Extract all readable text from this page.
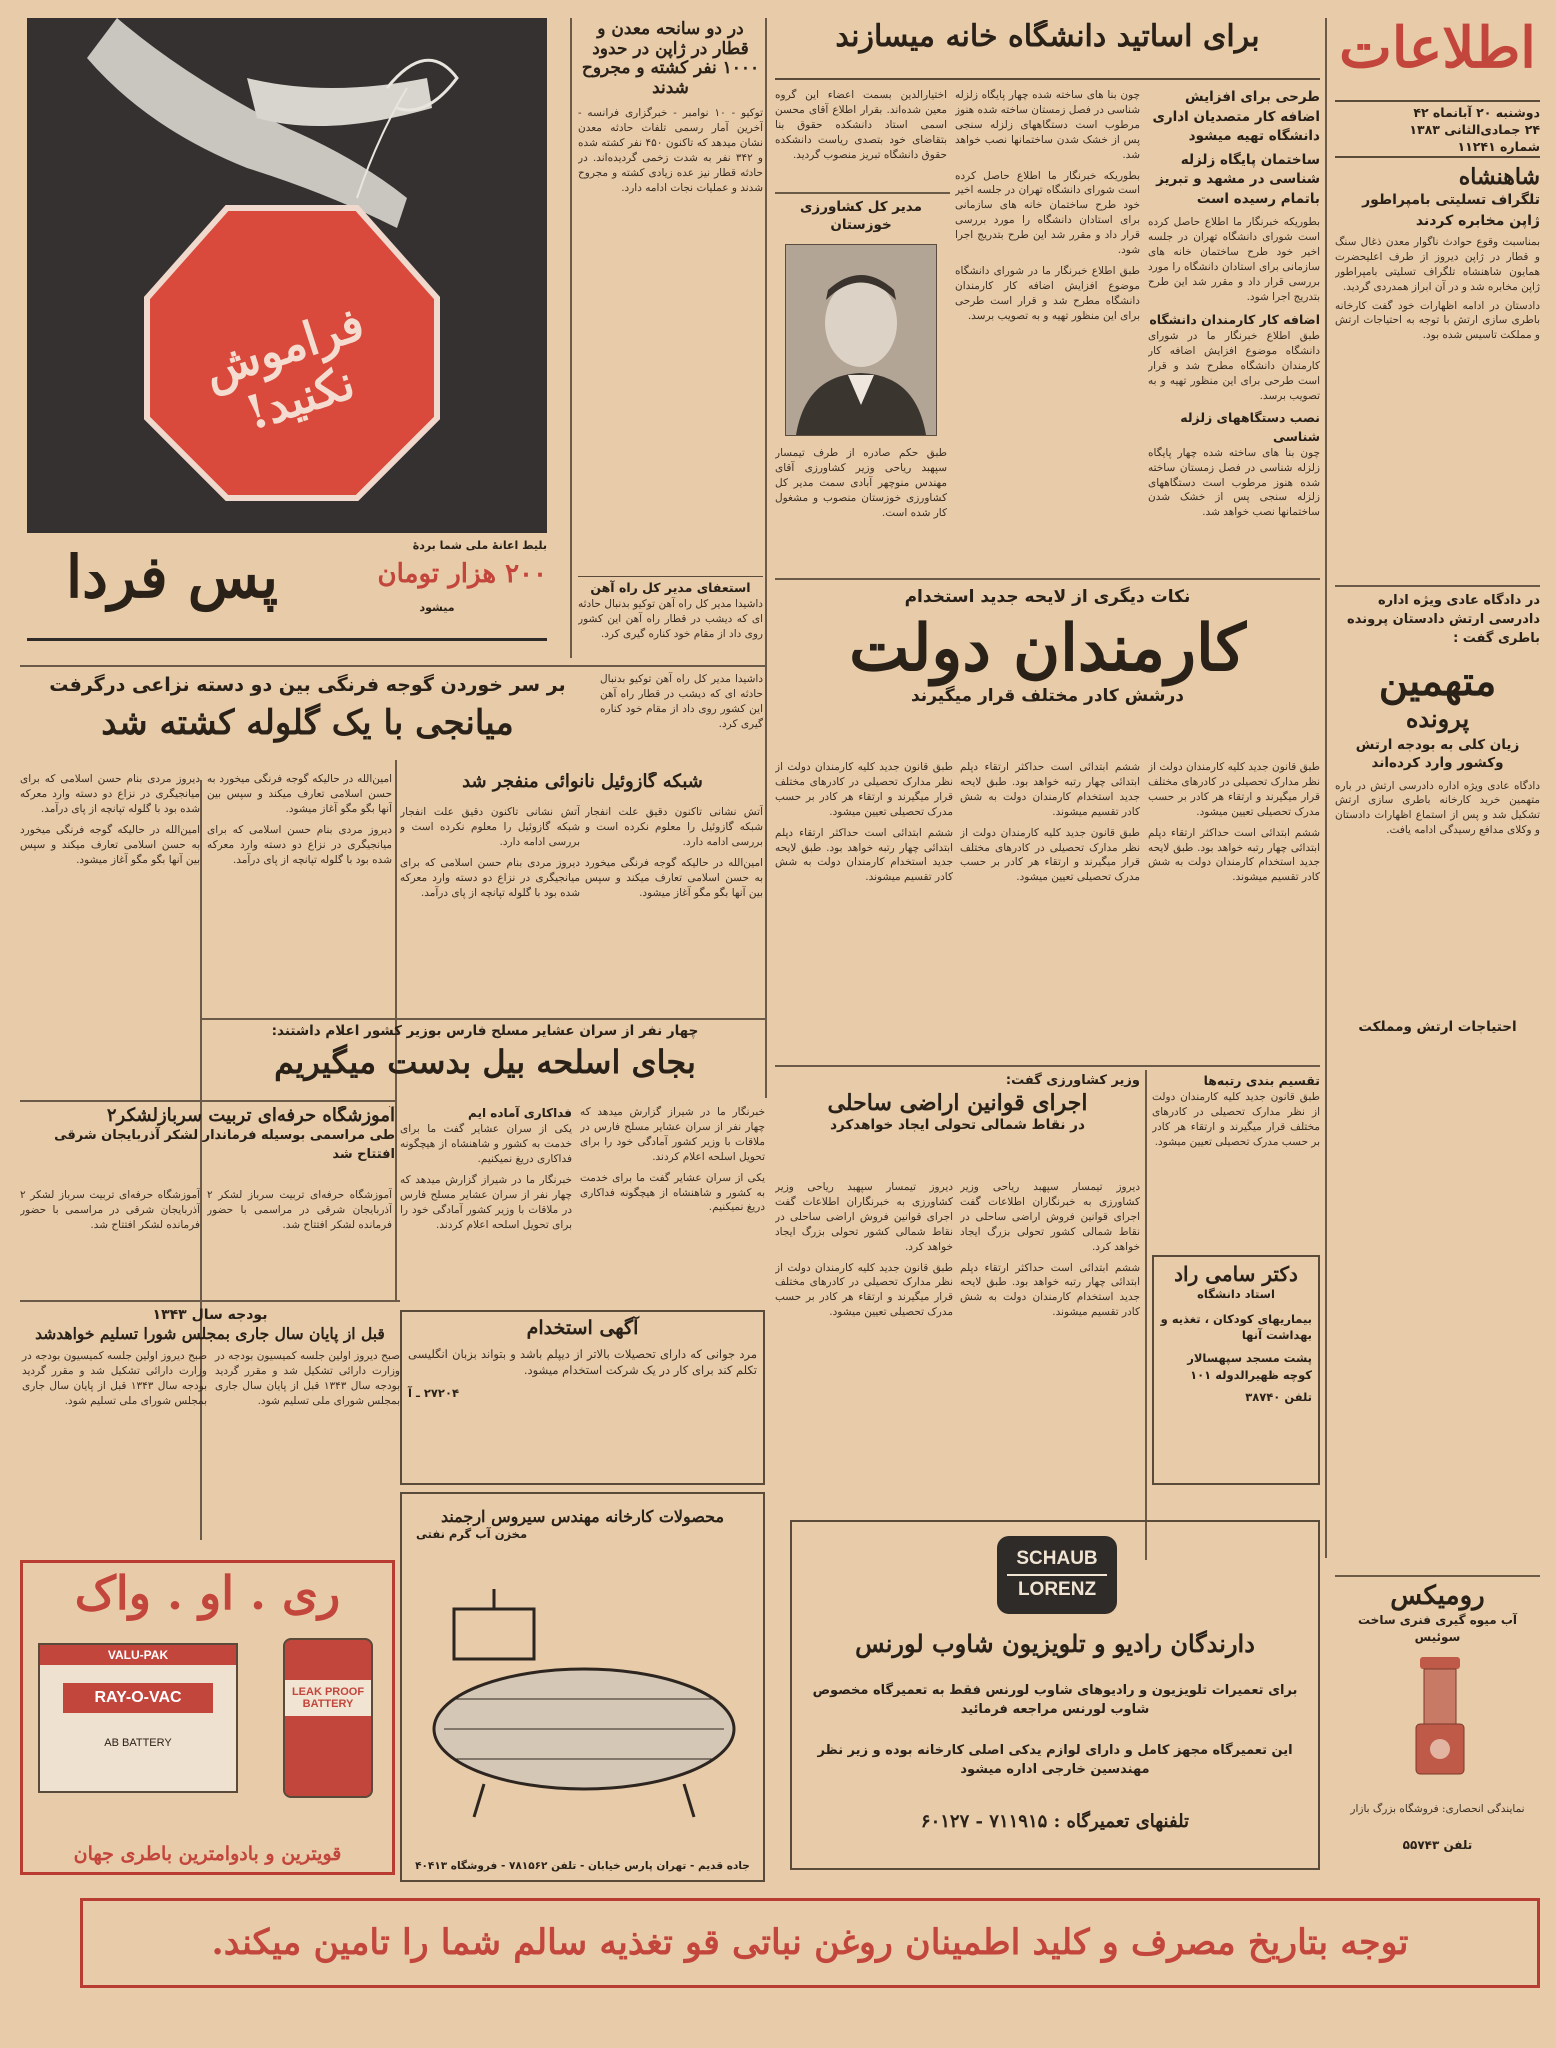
اطلاعات
دوشنبه ۲۰ آبانماه ۴۲
۲۴ جمادی‌الثانی ۱۳۸۳
شماره ۱۱۲۴۱
شاهنشاه
تلگراف تسلیتی بامپراطور ژاپن مخابره کردند
بمناسبت وقوع حوادث ناگوار معدن ذغال سنگ و قطار در ژاپن دیروز از طرف اعلیحضرت همایون شاهنشاه تلگراف تسلیتی بامپراطور ژاپن مخابره شد و در آن ابراز همدردی گردید.
دادستان در ادامه اظهارات خود گفت کارخانه باطری سازی ارتش با توجه به احتیاجات ارتش و مملکت تاسیس شده بود.
در دادگاه عادی ویژه اداره دادرسی ارتش دادستان پرونده باطری گفت :
متهمین
پرونده
زیان کلی به بودجه ارتش وکشور وارد کرده‌اند
دادگاه عادی ویژه اداره دادرسی ارتش در باره متهمین خرید کارخانه باطری سازی ارتش تشکیل شد و پس از استماع اظهارات دادستان و وکلای مدافع رسیدگی ادامه یافت.
احتیاجات ارتش ومملکت
رومیکس
آب میوه گیری فنری ساخت سوئیس
نمایندگی انحصاری: فروشگاه بزرگ بازار
تلفن ۵۵۷۴۳
برای اساتید دانشگاه خانه میسازند
طرحی برای افزایش اضافه کار متصدیان اداری دانشگاه تهیه میشود
ساختمان پایگاه زلزله شناسی در مشهد و تبریز باتمام رسیده است
بطوریکه خبرنگار ما اطلاع حاصل کرده است شورای دانشگاه تهران در جلسه اخیر خود طرح ساختمان خانه های سازمانی برای استادان دانشگاه را مورد بررسی قرار داد و مقرر شد این طرح بتدریج اجرا شود.
اضافه کار کارمندان دانشگاه
طبق اطلاع خبرنگار ما در شورای دانشگاه موضوع افزایش اضافه کار کارمندان دانشگاه مطرح شد و قرار است طرحی برای این منظور تهیه و به تصویب برسد.
نصب دستگاههای زلزله شناسی
چون بنا های ساخته شده چهار پایگاه زلزله شناسی در فصل زمستان ساخته شده هنوز مرطوب است دستگاههای زلزله سنجی پس از خشک شدن ساختمانها نصب خواهد شد.
چون بنا های ساخته شده چهار پایگاه زلزله شناسی در فصل زمستان ساخته شده هنوز مرطوب است دستگاههای زلزله سنجی پس از خشک شدن ساختمانها نصب خواهد شد.
بطوریکه خبرنگار ما اطلاع حاصل کرده است شورای دانشگاه تهران در جلسه اخیر خود طرح ساختمان خانه های سازمانی برای استادان دانشگاه را مورد بررسی قرار داد و مقرر شد این طرح بتدریج اجرا شود.
طبق اطلاع خبرنگار ما در شورای دانشگاه موضوع افزایش اضافه کار کارمندان دانشگاه مطرح شد و قرار است طرحی برای این منظور تهیه و به تصویب برسد.
اختیارالدین بسمت اعضاء این گروه معین شده‌اند. بقرار اطلاع آقای محسن اسمی استاد دانشکده حقوق بنا بتقاضای خود بتصدی ریاست دانشکده حقوق دانشگاه تبریز منصوب گردید.
مدیر کل کشاورزی خوزستان
طبق حکم صادره از طرف تیمسار سپهبد ریاحی وزیر کشاورزی آقای مهندس منوچهر آبادی سمت مدیر کل کشاورزی خوزستان منصوب و مشغول کار شده است.
در دو سانحه معدن و قطار در ژاپن در حدود ۱۰۰۰ نفر کشته و مجروح شدند
توکیو - ۱۰ نوامبر - خبرگزاری فرانسه - آخرین آمار رسمی تلفات حادثه معدن نشان میدهد که تاکنون ۴۵۰ نفر کشته شده و ۳۴۲ نفر به شدت زخمی گردیده‌اند. در حادثه قطار نیز عده زیادی کشته و مجروح شدند و عملیات نجات ادامه دارد.
استعفای مدیر کل راه آهن
داشیدا مدیر کل راه آهن توکیو بدنبال حادثه ای که دیشب در قطار راه آهن این کشور روی داد از مقام خود کناره گیری کرد.
فراموش نکنید!
بلیط اعانهٔ ملی شما بردهٔ
۲۰۰ هزار تومان
میشود
پس فردا	نکات دیگری از لایحه جدید استخدام
کارمندان دولت
درشش کادر مختلف قرار میگیرند
طبق قانون جدید کلیه کارمندان دولت از نظر مدارک تحصیلی در کادرهای مختلف قرار میگیرند و ارتقاء هر کادر بر حسب مدرک تحصیلی تعیین میشود.
ششم ابتدائی است حداکثر ارتقاء دپلم ابتدائی چهار رتبه خواهد بود. طبق لایحه جدید استخدام کارمندان دولت به شش کادر تقسیم میشوند.
ششم ابتدائی است حداکثر ارتقاء دپلم ابتدائی چهار رتبه خواهد بود. طبق لایحه جدید استخدام کارمندان دولت به شش کادر تقسیم میشوند.
طبق قانون جدید کلیه کارمندان دولت از نظر مدارک تحصیلی در کادرهای مختلف قرار میگیرند و ارتقاء هر کادر بر حسب مدرک تحصیلی تعیین میشود.
طبق قانون جدید کلیه کارمندان دولت از نظر مدارک تحصیلی در کادرهای مختلف قرار میگیرند و ارتقاء هر کادر بر حسب مدرک تحصیلی تعیین میشود.
ششم ابتدائی است حداکثر ارتقاء دپلم ابتدائی چهار رتبه خواهد بود. طبق لایحه جدید استخدام کارمندان دولت به شش کادر تقسیم میشوند.
تقسیم بندی رتبه‌ها
طبق قانون جدید کلیه کارمندان دولت از نظر مدارک تحصیلی در کادرهای مختلف قرار میگیرند و ارتقاء هر کادر بر حسب مدرک تحصیلی تعیین میشود.
دکتر سامی راد
استاد دانشگاه
بیماریهای کودکان ، تغذیه و بهداشت آنها
پشت مسجد سپهسالار کوچه ظهیرالدوله ۱۰۱
تلفن ۳۸۷۴۰
وزیر کشاورزی گفت:
اجرای قوانین اراضی ساحلی
در نقاط شمالی تحولی ایجاد خواهدکرد
دیروز تیمسار سپهبد ریاحی وزیر کشاورزی به خبرنگاران اطلاعات گفت اجرای قوانین فروش اراضی ساحلی در نقاط شمالی کشور تحولی بزرگ ایجاد خواهد کرد.
ششم ابتدائی است حداکثر ارتقاء دپلم ابتدائی چهار رتبه خواهد بود. طبق لایحه جدید استخدام کارمندان دولت به شش کادر تقسیم میشوند.
دیروز تیمسار سپهبد ریاحی وزیر کشاورزی به خبرنگاران اطلاعات گفت اجرای قوانین فروش اراضی ساحلی در نقاط شمالی کشور تحولی بزرگ ایجاد خواهد کرد.
طبق قانون جدید کلیه کارمندان دولت از نظر مدارک تحصیلی در کادرهای مختلف قرار میگیرند و ارتقاء هر کادر بر حسب مدرک تحصیلی تعیین میشود.
بر سر خوردن گوجه فرنگی بین دو دسته نزاعی درگرفت
میانجی با یک گلوله کشته شد
داشیدا مدیر کل راه آهن توکیو بدنبال حادثه ای که دیشب در قطار راه آهن این کشور روی داد از مقام خود کناره گیری کرد.
دیروز مردی بنام حسن اسلامی که برای میانجیگری در نزاع دو دسته وارد معرکه شده بود با گلوله تپانچه از پای درآمد.
امین‌الله در حالیکه گوجه فرنگی میخورد به حسن اسلامی تعارف میکند و سپس بین آنها بگو مگو آغاز میشود.
امین‌الله در حالیکه گوجه فرنگی میخورد به حسن اسلامی تعارف میکند و سپس بین آنها بگو مگو آغاز میشود.
دیروز مردی بنام حسن اسلامی که برای میانجیگری در نزاع دو دسته وارد معرکه شده بود با گلوله تپانچه از پای درآمد.
شبکه گازوئیل نانوائی منفجر شد
آتش نشانی تاکنون دقیق علت انفجار شبکه گازوئیل را معلوم نکرده است و بررسی ادامه دارد.
دیروز مردی بنام حسن اسلامی که برای میانجیگری در نزاع دو دسته وارد معرکه شده بود با گلوله تپانچه از پای درآمد.
آتش نشانی تاکنون دقیق علت انفجار شبکه گازوئیل را معلوم نکرده است و بررسی ادامه دارد.
امین‌الله در حالیکه گوجه فرنگی میخورد به حسن اسلامی تعارف میکند و سپس بین آنها بگو مگو آغاز میشود.
چهار نفر از سران عشایر مسلح فارس بوزیر کشور اعلام داشتند:
بجای اسلحه بیل بدست میگیریم
خبرنگار ما در شیراز گزارش میدهد که چهار نفر از سران عشایر مسلح فارس در ملاقات با وزیر کشور آمادگی خود را برای تحویل اسلحه اعلام کردند.
یکی از سران عشایر گفت ما برای خدمت به کشور و شاهنشاه از هیچگونه فداکاری دریغ نمیکنیم.
فداکاری آماده ایم
یکی از سران عشایر گفت ما برای خدمت به کشور و شاهنشاه از هیچگونه فداکاری دریغ نمیکنیم.
خبرنگار ما در شیراز گزارش میدهد که چهار نفر از سران عشایر مسلح فارس در ملاقات با وزیر کشور آمادگی خود را برای تحویل اسلحه اعلام کردند.
آموزشگاه حرفه‌ای تربیت سربازلشکر۲
طی مراسمی بوسیله فرماندار لشکر آذربایجان شرقی افتتاح شد
آموزشگاه حرفه‌ای تربیت سرباز لشکر ۲ آذربایجان شرقی در مراسمی با حضور فرمانده لشکر افتتاح شد.
آموزشگاه حرفه‌ای تربیت سرباز لشکر ۲ آذربایجان شرقی در مراسمی با حضور فرمانده لشکر افتتاح شد.
بودجه سال ۱۳۴۳
قبل از پایان سال جاری بمجلس شورا تسلیم خواهدشد
صبح دیروز اولین جلسه کمیسیون بودجه در وزارت دارائی تشکیل شد و مقرر گردید بودجه سال ۱۳۴۳ قبل از پایان سال جاری بمجلس شورای ملی تسلیم شود.
صبح دیروز اولین جلسه کمیسیون بودجه در وزارت دارائی تشکیل شد و مقرر گردید بودجه سال ۱۳۴۳ قبل از پایان سال جاری بمجلس شورای ملی تسلیم شود.
آگهی استخدام
مرد جوانی که دارای تحصیلات بالاتر از دیپلم باشد و بتواند بزبان انگلیسی تکلم کند برای کار در یک شرکت استخدام میشود.
۲۷۲۰۴ ـ آ
ری . او . واک
VALU-PAK
RAY-O-VAC
AB BATTERY
LEAK PROOF BATTERY
قویترین و بادوامترین باطری جهان
محصولات کارخانه مهندس سیروس ارجمند
مخزن آب گرم نفتی
جاده قدیم - تهران پارس خیابان - تلفن ۷۸۱۵۶۲ - فروشگاه ۴۰۴۱۳
SCHAUB
LORENZ
دارندگان رادیو و تلویزیون شاوب لورنس
برای تعمیرات تلویزیون و رادیوهای شاوب لورنس فقط به تعمیرگاه مخصوص شاوب لورنس مراجعه فرمائید
این تعمیرگاه مجهز کامل و دارای لوازم یدکی اصلی کارخانه بوده و زیر نظر مهندسین خارجی اداره میشود
تلفنهای تعمیرگاه : ۷۱۱۹۱۵ - ۶۰۱۲۷
توجه بتاریخ مصرف و کلید اطمینان روغن نباتی قو تغذیه سالم شما را تامین میکند.
